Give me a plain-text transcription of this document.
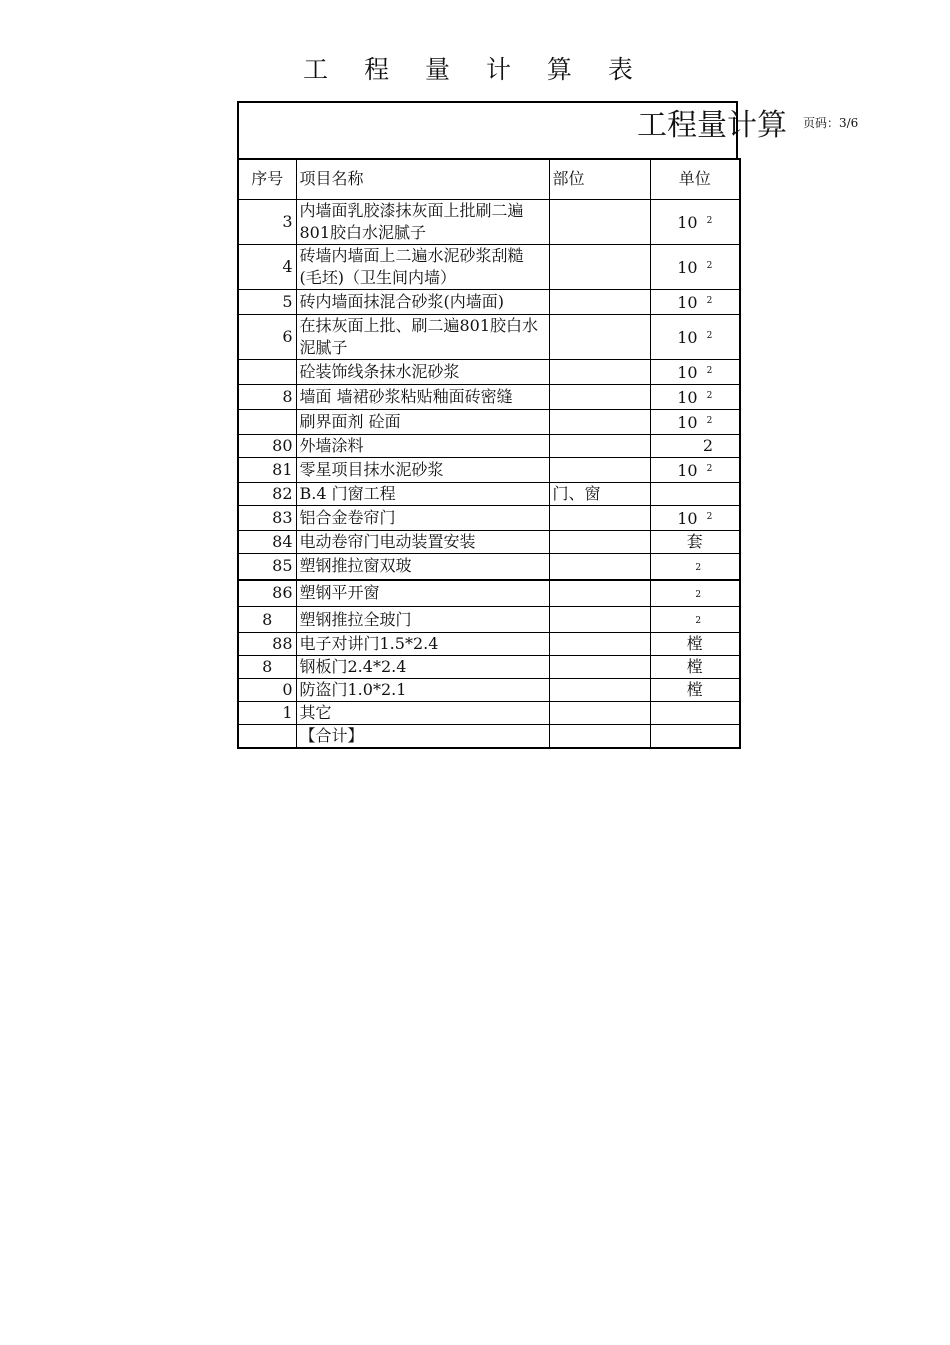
工 程 量 计 算 表
工程量计算 页码：3/6
序号	项目名称	部位	单位
3	内墙面乳胶漆抹灰面上批刷二遍801胶白水泥腻子		10 $^2$
4	砖墙内墙面上二遍水泥砂浆刮糙(毛坯)（卫生间内墙）		10 $^2$
5	砖内墙面抹混合砂浆(内墙面)		10 $^2$
6	在抹灰面上批、刷二遍801胶白水泥腻子		10 $^2$
	砼装饰线条抹水泥砂浆		10 $^2$
8	墙面 墙裙砂浆粘贴釉面砖密缝		10 $^2$
	刷界面剂 砼面		10 $^2$
80	外墙涂料		2
81	零星项目抹水泥砂浆		10 $^2$
82	B.4 门窗工程	门、窗	
83	铝合金卷帘门		10 $^2$
84	电动卷帘门电动装置安装		套
85	塑钢推拉窗双玻		2
86	塑钢平开窗		2
8	塑钢推拉全玻门		2
88	电子对讲门1.5*2.4		樘
8	钢板门2.4*2.4		樘
0	防盗门1.0*2.1		樘
1	其它		
	【合计】		
